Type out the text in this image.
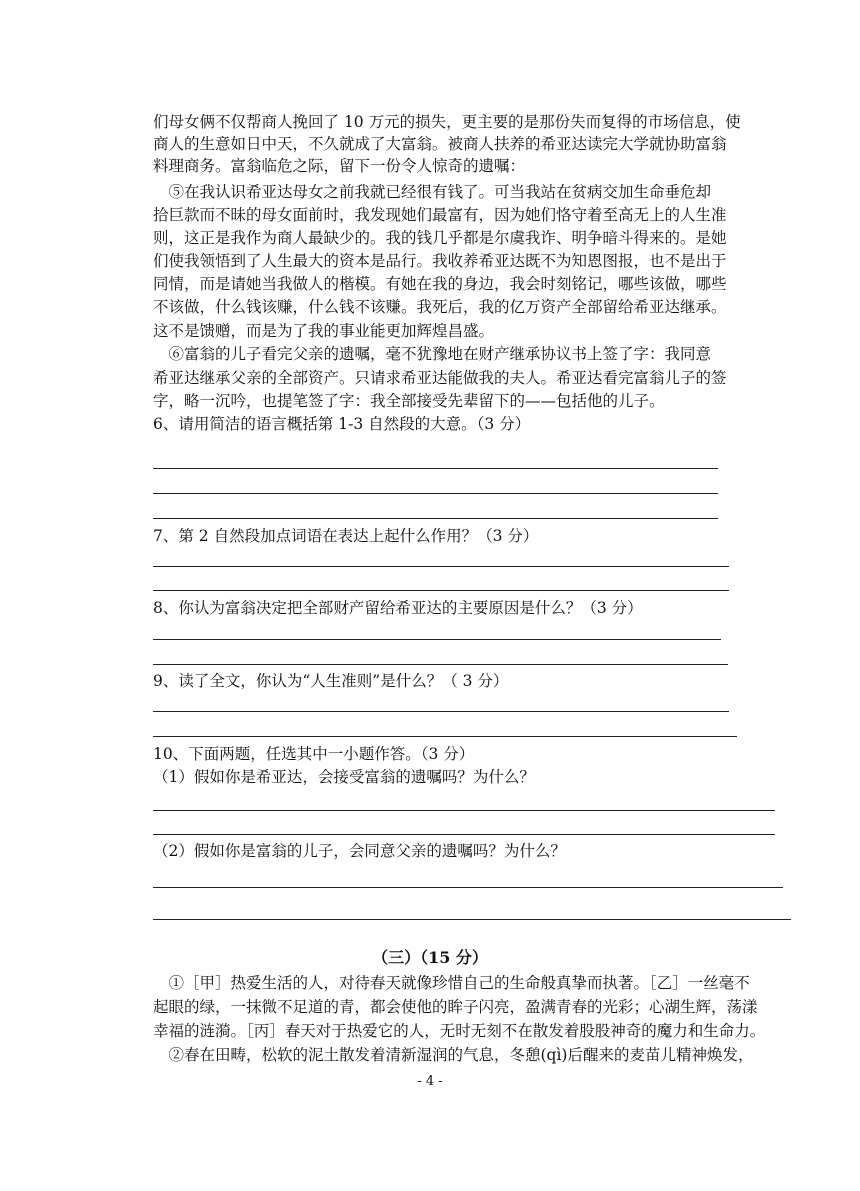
们母女俩不仅帮商人挽回了 10 万元的损失，更主要的是那份失而复得的市场信息，使
商人的生意如日中天，不久就成了大富翁。被商人扶养的希亚达读完大学就协助富翁
料理商务。富翁临危之际，留下一份令人惊奇的遗嘱：
　⑤在我认识希亚达母女之前我就已经很有钱了。可当我站在贫病交加生命垂危却
拾巨款而不昧的母女面前时，我发现她们最富有，因为她们恪守着至高无上的人生准
则，这正是我作为商人最缺少的。我的钱几乎都是尔虞我诈、明争暗斗得来的。是她
们使我领悟到了人生最大的资本是品行。我收养希亚达既不为知恩图报，也不是出于
同情，而是请她当我做人的楷模。有她在我的身边，我会时刻铭记，哪些该做，哪些
不该做，什么钱该赚，什么钱不该赚。我死后，我的亿万资产全部留给希亚达继承。
这不是馈赠，而是为了我的事业能更加辉煌昌盛。
　⑥富翁的儿子看完父亲的遗嘱，毫不犹豫地在财产继承协议书上签了字：我同意
希亚达继承父亲的全部资产。只请求希亚达能做我的夫人。希亚达看完富翁儿子的签
字，略一沉吟，也提笔签了字：我全部接受先辈留下的——包括他的儿子。
6、请用简洁的语言概括第 1-3 自然段的大意。（3 分）
7、第 2 自然段加点词语在表达上起什么作用？（3 分）
8、你认为富翁决定把全部财产留给希亚达的主要原因是什么？（3 分）
9、读了全文，你认为“人生准则”是什么？（ 3 分）
10、下面两题，任选其中一小题作答。（3 分）
（1）假如你是希亚达，会接受富翁的遗嘱吗？为什么？
（2）假如你是富翁的儿子，会同意父亲的遗嘱吗？为什么？
（三）（15 分）
　①［甲］热爱生活的人，对待春天就像珍惜自己的生命般真挚而执著。［乙］一丝毫不
起眼的绿，一抹微不足道的青，都会使他的眸子闪亮，盈满青春的光彩；心湖生辉，荡漾
幸福的涟漪。［丙］春天对于热爱它的人，无时无刻不在散发着股股神奇的魔力和生命力。
　②春在田畴，松软的泥土散发着清新湿润的气息，冬憩(qì)后醒来的麦苗儿精神焕发，
- 4 -
